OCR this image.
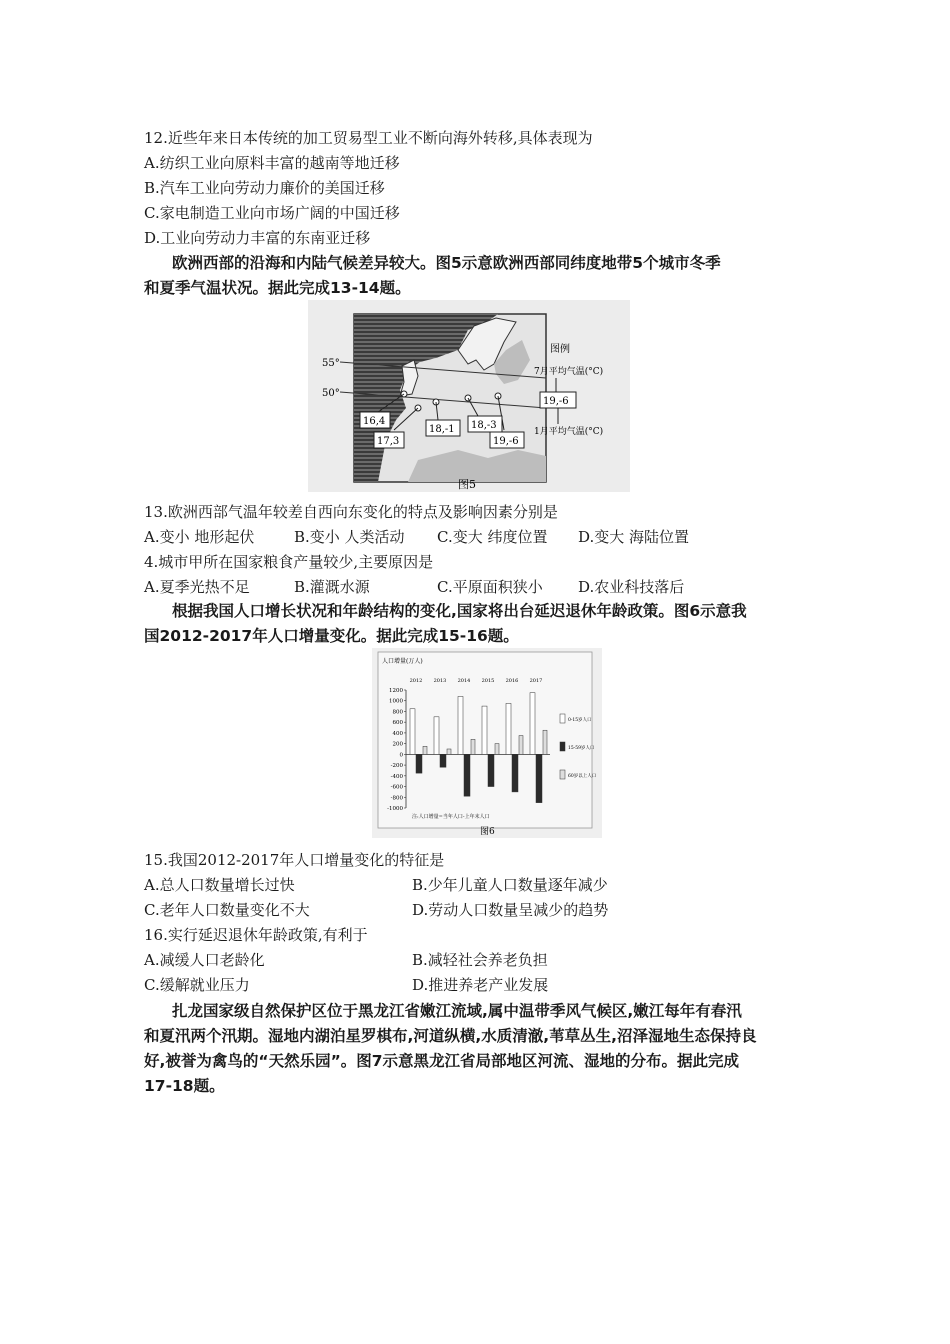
12.近些年来日本传统的加工贸易型工业不断向海外转移,具体表现为
A.纺织工业向原料丰富的越南等地迁移
B.汽车工业向劳动力廉价的美国迁移
C.家电制造工业向市场广阔的中国迁移
D.工业向劳动力丰富的东南亚迁移
欧洲西部的沿海和内陆气候差异较大。图5示意欧洲西部同纬度地带5个城市冬季
和夏季气温状况。据此完成13-14题。
55°
50°
16,4
17,3
18,-1 18,-3
19,-6
图例
7月平均气温(°C)
19,-6
1月平均气温(°C)
图5
13.欧洲西部气温年较差自西向东变化的特点及影响因素分别是
A.变小 地形起伏	B.变小 人类活动 C.变大 纬度位置 D.变大 海陆位置
4.城市甲所在国家粮食产量较少,主要原因是
A.夏季光热不足	B.灌溉水源	C.平原面积狭小 D.农业科技落后
根据我国人口增长状况和年龄结构的变化,国家将出台延迟退休年龄政策。图6示意我
国2012-2017年人口增量变化。据此完成15-16题。
人口增量(万人)
1200
1000
800
600
400
200
0
-200
-400
-600
-800
-1000
2012 2013 2014 2015 2016 2017
0-15岁人口
15-59岁人口
60岁以上人口
注:人口增量=当年人口-上年末人口
图6
15.我国2012-2017年人口增量变化的特征是
A.总人口数量增长过快	B.少年儿童人口数量逐年减少
C.老年人口数量变化不大	D.劳动人口数量呈减少的趋势
16.实行延迟退休年龄政策,有利于
A.减缓人口老龄化	B.减轻社会养老负担
C.缓解就业压力	D.推进养老产业发展
扎龙国家级自然保护区位于黑龙江省嫩江流域,属中温带季风气候区,嫩江每年有春汛
和夏汛两个汛期。湿地内湖泊星罗棋布,河道纵横,水质清澈,苇草丛生,沼泽湿地生态保持良
好,被誉为禽鸟的“天然乐园”。图7示意黑龙江省局部地区河流、湿地的分布。据此完成
17-18题。
